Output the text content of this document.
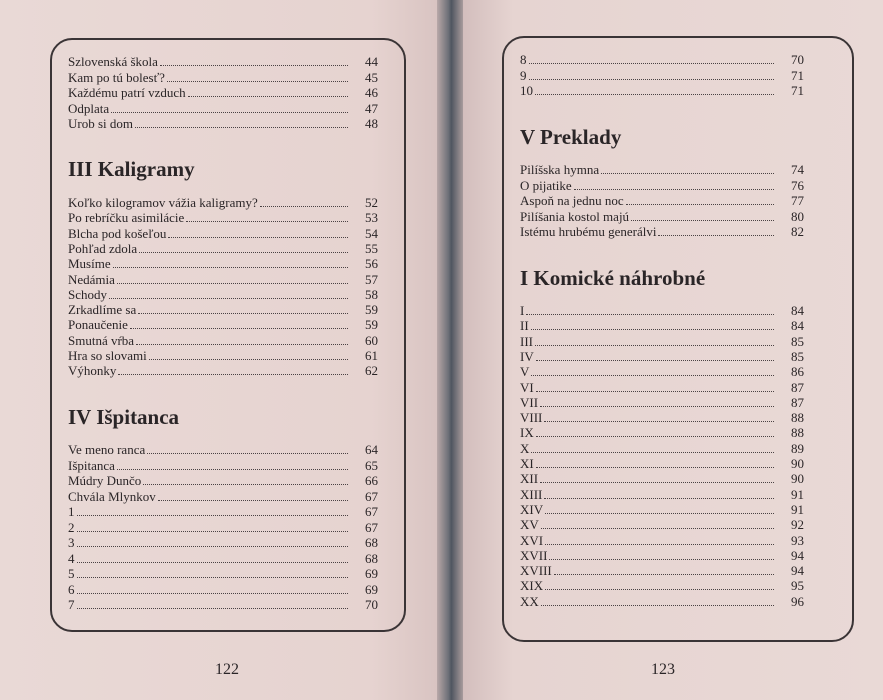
Szlovenská škola	44
Kam po tú bolesť?	45
Každému patrí vzduch	46
Odplata	47
Urob si dom	48
III Kaligramy
Koľko kilogramov vážia kaligramy?	52
Po rebríčku asimilácie	53
Blcha pod košeľou	54
Pohľad zdola	55
Musíme	56
Nedámia	57
Schody	58
Zrkadlíme sa	59
Ponaučenie	59
Smutná vŕba	60
Hra so slovami	61
Výhonky	62
IV Išpitanca
Ve meno ranca	64
Išpitanca	65
Múdry Dunčo	66
Chvála Mlynkov	67
1	67
2	67
3	68
4	68
5	69
6	69
7	70
8	70
9	71
10	71
V Preklady
Pilíšska hymna	74
O pijatike	76
Aspoň na jednu noc	77
Pilíšania kostol majú	80
Istému hrubému generálvi	82
I Komické náhrobné
I	84
II	84
III	85
IV	85
V	86
VI	87
VII	87
VIII	88
IX	88
X	89
XI	90
XII	90
XIII	91
XIV	91
XV	92
XVI	93
XVII	94
XVIII	94
XIX	95
XX	96
122	123
